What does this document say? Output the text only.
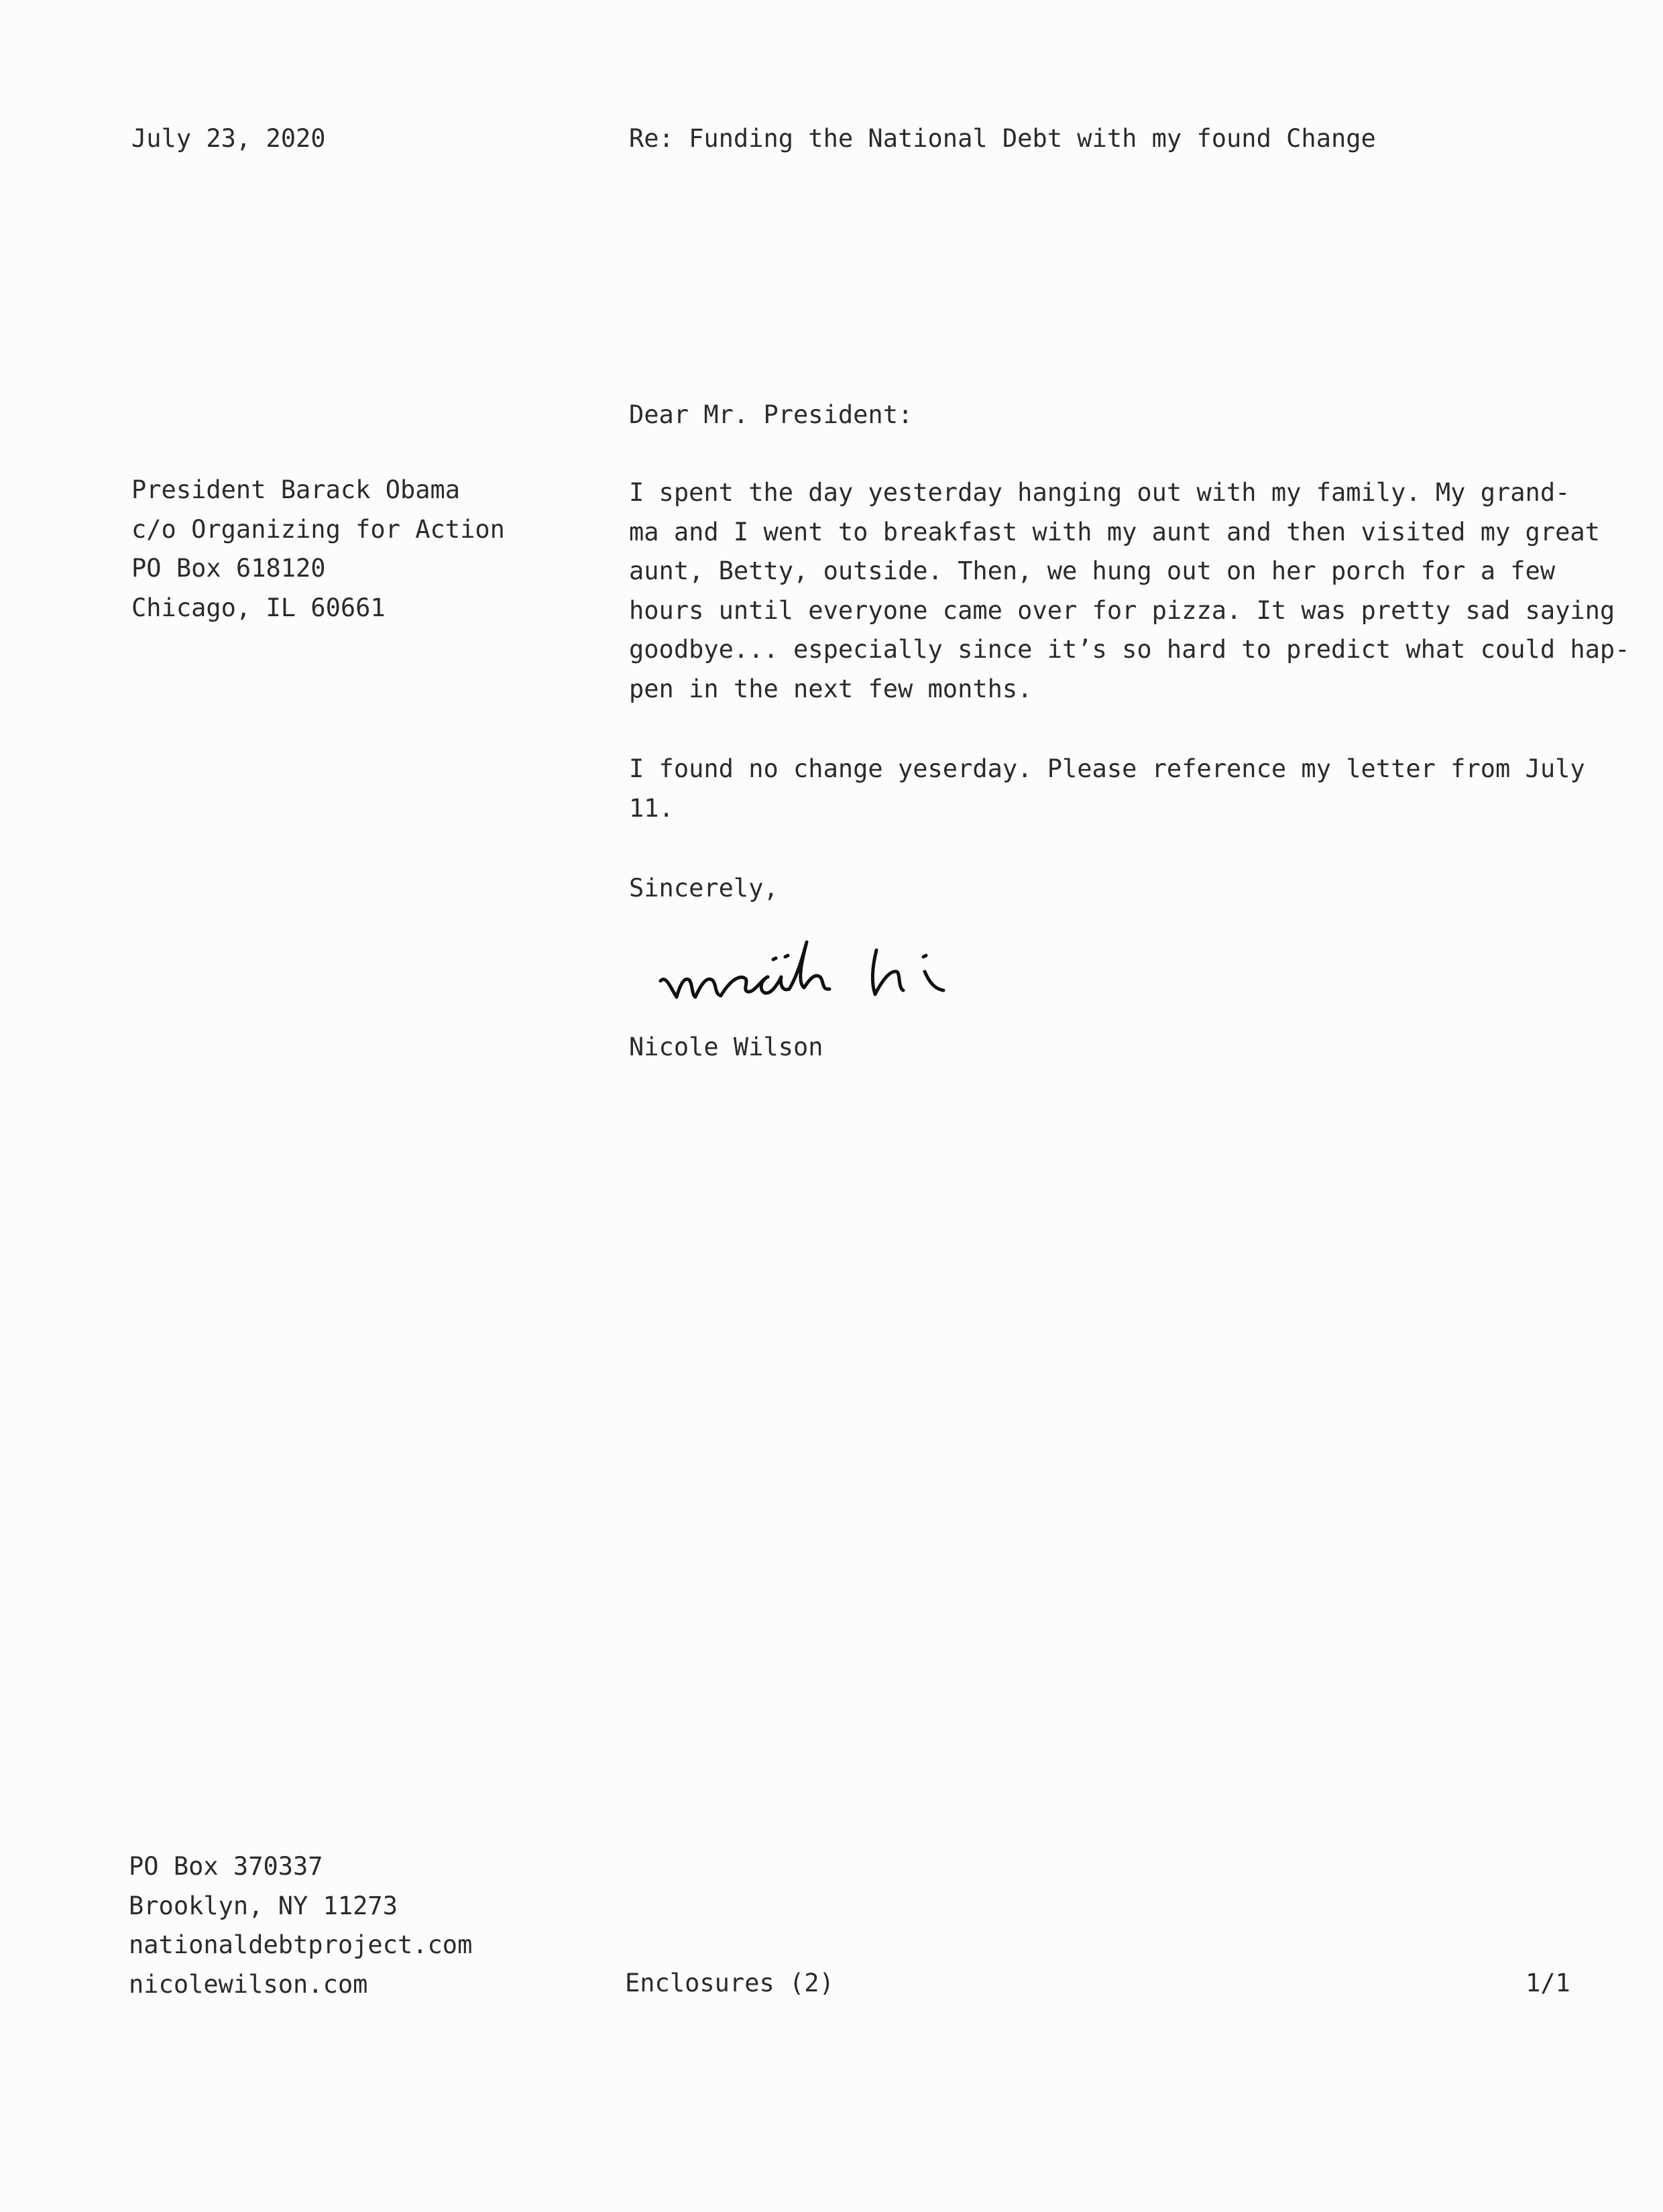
July 23, 2020	Re: Funding the National Debt with my found Change
President Barack Obama
c/o Organizing for Action
PO Box 618120
Chicago, IL 60661
Dear Mr. President:
I spent the day yesterday hanging out with my family. My grand-
ma and I went to breakfast with my aunt and then visited my great
aunt, Betty, outside. Then, we hung out on her porch for a few
hours until everyone came over for pizza. It was pretty sad saying
goodbye... especially since it’s so hard to predict what could hap-
pen in the next few months.
I found no change yeserday. Please reference my letter from July
11.
Sincerely,
Nicole Wilson
PO Box 370337
Brooklyn, NY 11273
nationaldebtproject.com
nicolewilson.com	Enclosures (2)	1/1
